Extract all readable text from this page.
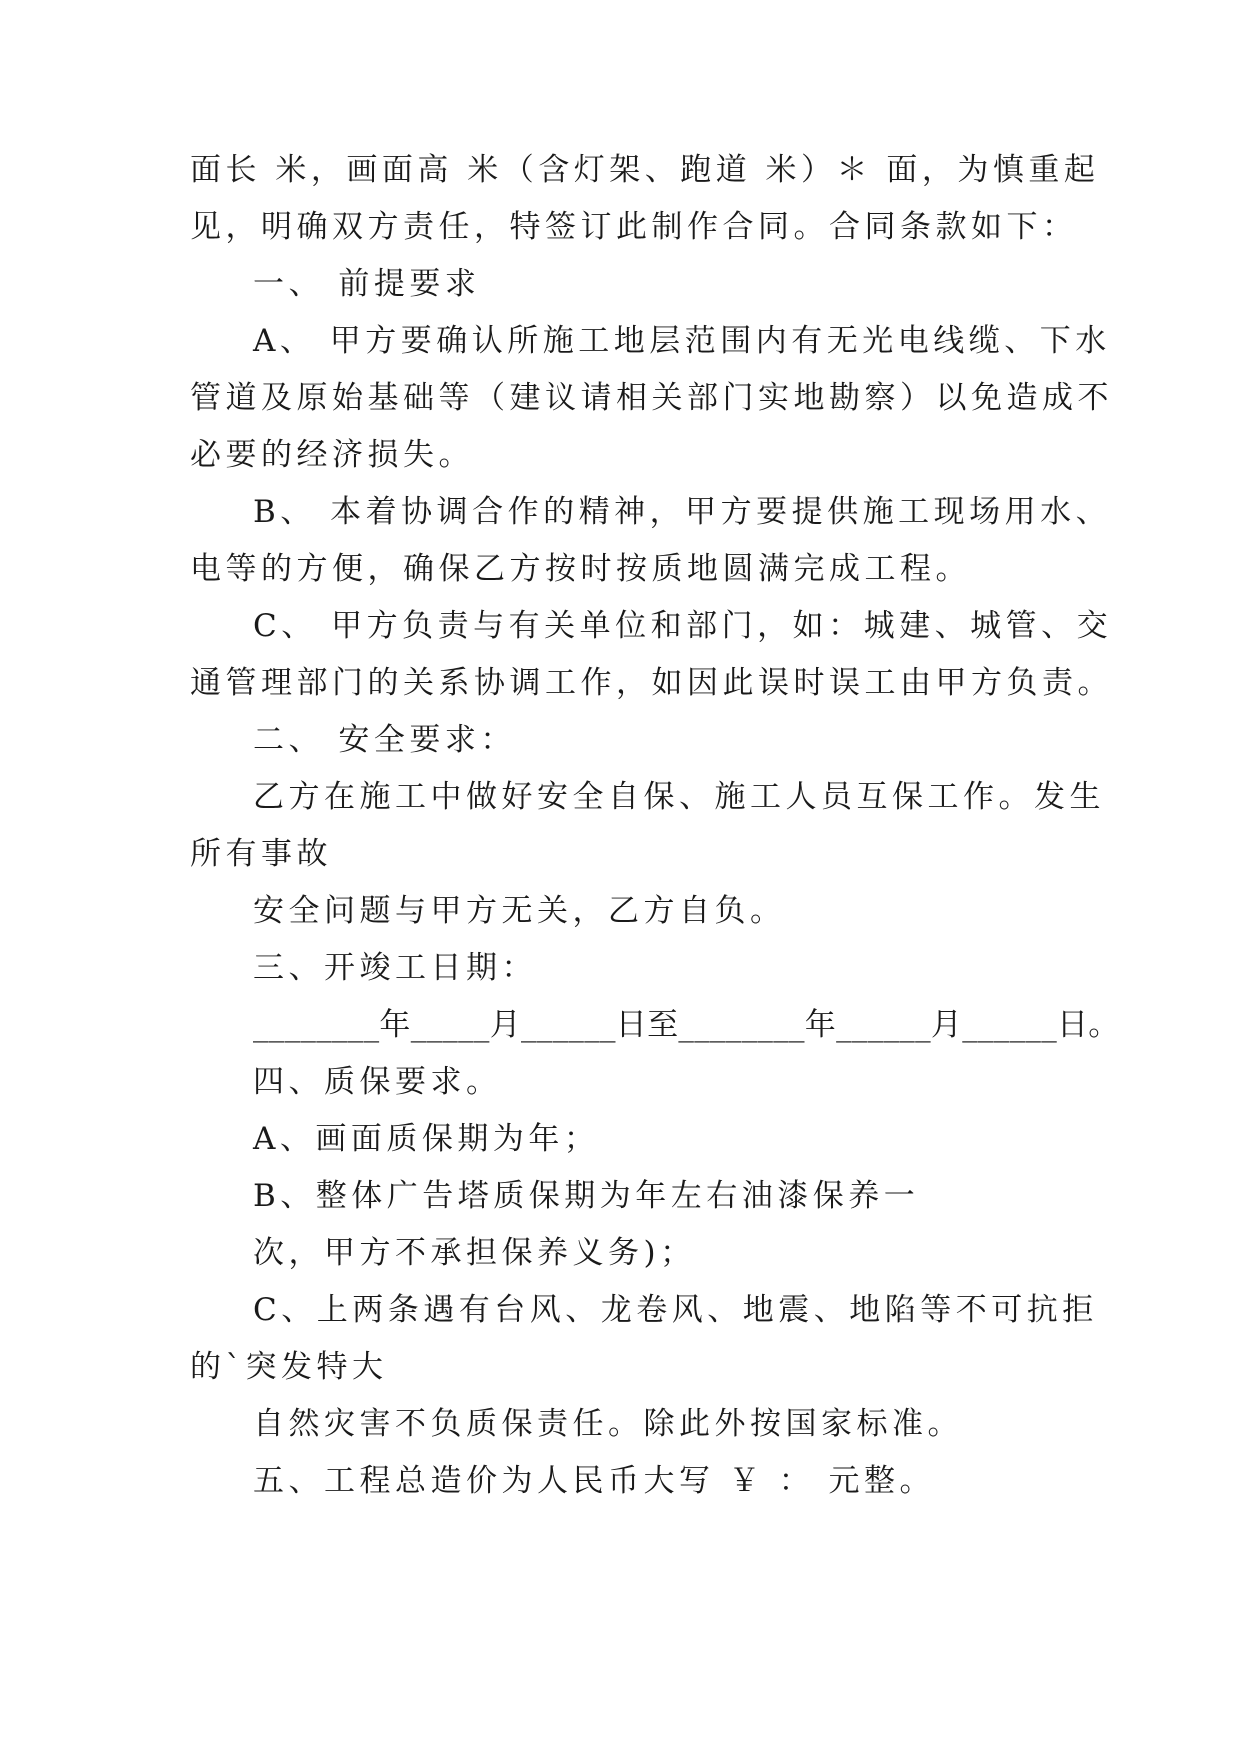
面长 米，画面高 米（含灯架、跑道 米）＊ 面，为慎重起
见，明确双方责任，特签订此制作合同。合同条款如下：
一、 前提要求
A、 甲方要确认所施工地层范围内有无光电线缆、下水
管道及原始基础等（建议请相关部门实地勘察）以免造成不
必要的经济损失。
B、 本着协调合作的精神，甲方要提供施工现场用水、
电等的方便，确保乙方按时按质地圆满完成工程。
C、 甲方负责与有关单位和部门，如：城建、城管、交
通管理部门的关系协调工作，如因此误时误工由甲方负责。
二、 安全要求：
乙方在施工中做好安全自保、施工人员互保工作。发生
所有事故
安全问题与甲方无关，乙方自负。
三、开竣工日期：
________年_____月______日至________年______月______日。
四、质保要求。
A、画面质保期为年；
B、整体广告塔质保期为年左右油漆保养一
次，甲方不承担保养义务)；
C、上两条遇有台风、龙卷风、地震、地陷等不可抗拒
的`突发特大
自然灾害不负质保责任。除此外按国家标准。
五、工程总造价为人民币大写 ￥ ： 元整。
